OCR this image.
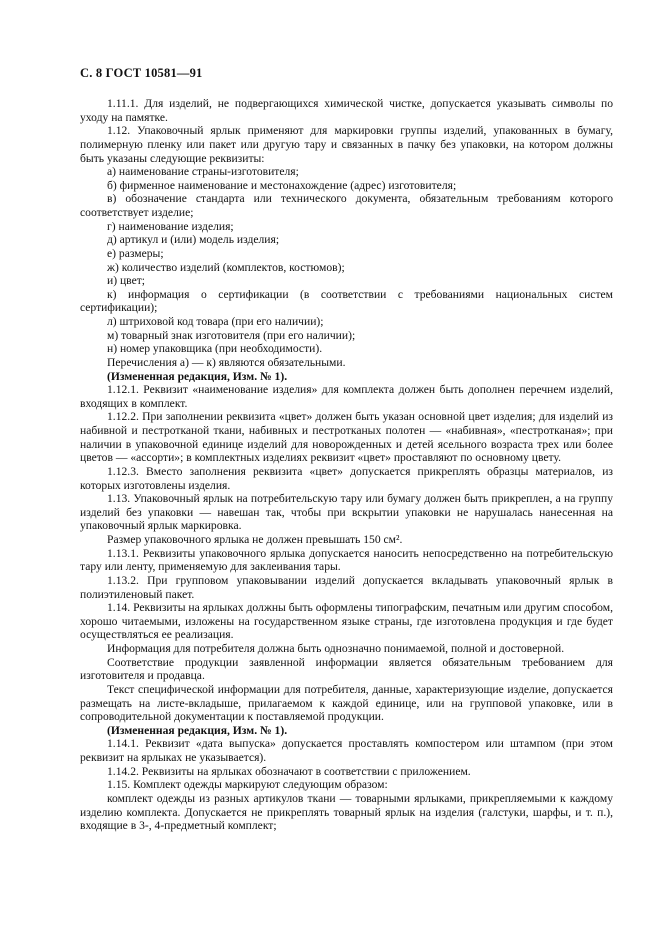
С. 8 ГОСТ 10581—91

1.11.1. Для изделий, не подвергающихся химической чистке, допускается указывать символы по уходу на памятке.

1.12. Упаковочный ярлык применяют для маркировки группы изделий, упакованных в бумагу, полимерную пленку или пакет или другую тару и связанных в пачку без упаковки, на котором должны быть указаны следующие реквизиты:

а) наименование страны-изготовителя;

б) фирменное наименование и местонахождение (адрес) изготовителя;

в) обозначение стандарта или технического документа, обязательным требованиям которого соответствует изделие;

г) наименование изделия;

д) артикул и (или) модель изделия;

е) размеры;

ж) количество изделий (комплектов, костюмов);

и) цвет;

к) информация о сертификации (в соответствии с требованиями национальных систем сертификации);

л) штриховой код товара (при его наличии);

м) товарный знак изготовителя (при его наличии);

н) номер упаковщика (при необходимости).

Перечисления а) — к) являются обязательными.

(Измененная редакция, Изм. № 1).

1.12.1. Реквизит «наименование изделия» для комплекта должен быть дополнен перечнем изделий, входящих в комплект.

1.12.2. При заполнении реквизита «цвет» должен быть указан основной цвет изделия; для изделий из набивной и пестротканой ткани, набивных и пестротканых полотен — «набивная», «пестротканая»; при наличии в упаковочной единице изделий для новорожденных и детей ясельного возраста трех или более цветов — «ассорти»; в комплектных изделиях реквизит «цвет» проставляют по основному цвету.

1.12.3. Вместо заполнения реквизита «цвет» допускается прикреплять образцы материалов, из которых изготовлены изделия.

1.13. Упаковочный ярлык на потребительскую тару или бумагу должен быть прикреплен, а на группу изделий без упаковки — навешан так, чтобы при вскрытии упаковки не нарушалась нанесенная на упаковочный ярлык маркировка.

Размер упаковочного ярлыка не должен превышать 150 см².

1.13.1. Реквизиты упаковочного ярлыка допускается наносить непосредственно на потребительскую тару или ленту, применяемую для заклеивания тары.

1.13.2. При групповом упаковывании изделий допускается вкладывать упаковочный ярлык в полиэтиленовый пакет.

1.14. Реквизиты на ярлыках должны быть оформлены типографским, печатным или другим способом, хорошо читаемыми, изложены на государственном языке страны, где изготовлена продукция и где будет осуществляться ее реализация.

Информация для потребителя должна быть однозначно понимаемой, полной и достоверной.

Соответствие продукции заявленной информации является обязательным требованием для изготовителя и продавца.

Текст специфической информации для потребителя, данные, характеризующие изделие, допускается размещать на листе-вкладыше, прилагаемом к каждой единице, или на групповой упаковке, или в сопроводительной документации к поставляемой продукции.

(Измененная редакция, Изм. № 1).

1.14.1. Реквизит «дата выпуска» допускается проставлять компостером или штампом (при этом реквизит на ярлыках не указывается).

1.14.2. Реквизиты на ярлыках обозначают в соответствии с приложением.

1.15. Комплект одежды маркируют следующим образом:

комплект одежды из разных артикулов ткани — товарными ярлыками, прикрепляемыми к каждому изделию комплекта. Допускается не прикреплять товарный ярлык на изделия (галстуки, шарфы, и т. п.), входящие в 3-, 4-предметный комплект;
